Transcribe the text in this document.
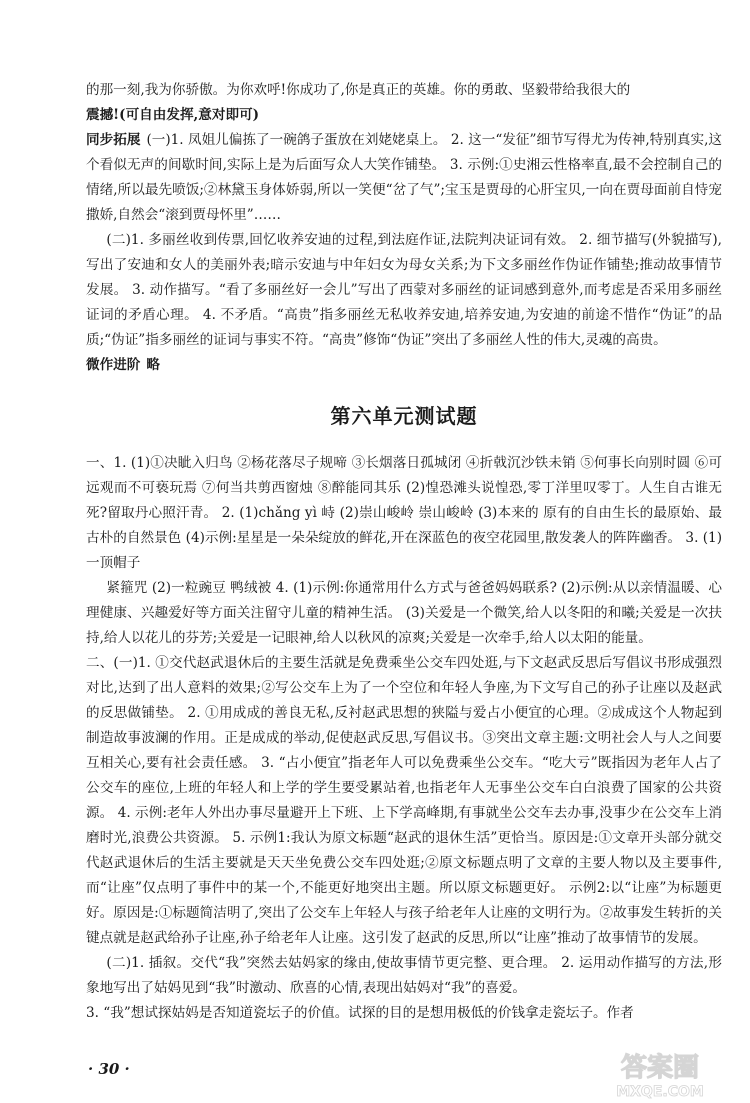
的那一刻,我为你骄傲。为你欢呼!你成功了,你是真正的英雄。你的勇敢、坚毅带给我很大的

震撼!(可自由发挥,意对即可)

同步拓展 (一)1. 凤姐儿偏拣了一碗鸽子蛋放在刘姥姥桌上。 2. 这一“发征”细节写得尤为传神,特别真实,这个看似无声的间歇时间,实际上是为后面写众人大笑作铺垫。 3. 示例:①史湘云性格率直,最不会控制自己的情绪,所以最先喷饭;②林黛玉身体娇弱,所以一笑便“岔了气”;宝玉是贾母的心肝宝贝,一向在贾母面前自恃宠撒娇,自然会“滚到贾母怀里”……

(二)1. 多丽丝收到传票,回忆收养安迪的过程,到法庭作证,法院判决证词有效。 2. 细节描写(外貌描写),写出了安迪和女人的美丽外表;暗示安迪与中年妇女为母女关系;为下文多丽丝作伪证作铺垫;推动故事情节发展。 3. 动作描写。“看了多丽丝好一会儿”写出了西蒙对多丽丝的证词感到意外,而考虑是否采用多丽丝证词的矛盾心理。 4. 不矛盾。“高贵”指多丽丝无私收养安迪,培养安迪,为安迪的前途不惜作“伪证”的品质;“伪证”指多丽丝的证词与事实不符。“高贵”修饰“伪证”突出了多丽丝人性的伟大,灵魂的高贵。

微作进阶 略

第六单元测试题

一、1. (1)①决眦入归鸟 ②杨花落尽子规啼 ③长烟落日孤城闭 ④折戟沉沙铁未销 ⑤何事长向别时圆 ⑥可远观而不可亵玩焉 ⑦何当共剪西窗烛 ⑧醉能同其乐 (2)惶恐滩头说惶恐,零丁洋里叹零丁。人生自古谁无死?留取丹心照汗青。 2. (1)chǎng yì 峙 (2)崇山峻岭 崇山峻岭 (3)本来的 原有的自由生长的最原始、最古朴的自然景色 (4)示例:星星是一朵朵绽放的鲜花,开在深蓝色的夜空花园里,散发袭人的阵阵幽香。 3. (1)一顶帽子

紧箍咒 (2)一粒豌豆 鸭绒被 4. (1)示例:你通常用什么方式与爸爸妈妈联系? (2)示例:从以亲情温暖、心理健康、兴趣爱好等方面关注留守儿童的精神生活。 (3)关爱是一个微笑,给人以冬阳的和曦;关爱是一次扶持,给人以花儿的芬芳;关爱是一记眼神,给人以秋风的凉爽;关爱是一次牵手,给人以太阳的能量。

二、(一)1. ①交代赵武退休后的主要生活就是免费乘坐公交车四处逛,与下文赵武反思后写倡议书形成强烈对比,达到了出人意料的效果;②写公交车上为了一个空位和年轻人争座,为下文写自己的孙子让座以及赵武的反思做铺垫。 2. ①用成成的善良无私,反衬赵武思想的狭隘与爱占小便宜的心理。②成成这个人物起到制造故事波澜的作用。正是成成的举动,促使赵武反思,写倡议书。③突出文章主题:文明社会人与人之间要互相关心,要有社会责任感。 3. “占小便宜”指老年人可以免费乘坐公交车。“吃大亏”既指因为老年人占了公交车的座位,上班的年轻人和上学的学生要受累站着,也指老年人无事坐公交车白白浪费了国家的公共资源。 4. 示例:老年人外出办事尽量避开上下班、上下学高峰期,有事就坐公交车去办事,没事少在公交车上消磨时光,浪费公共资源。 5. 示例1:我认为原文标题“赵武的退休生活”更恰当。原因是:①文章开头部分就交代赵武退休后的生活主要就是天天坐免费公交车四处逛;②原文标题点明了文章的主要人物以及主要事件,而“让座”仅点明了事件中的某一个,不能更好地突出主题。所以原文标题更好。 示例2:以“让座”为标题更好。原因是:①标题简洁明了,突出了公交车上年轻人与孩子给老年人让座的文明行为。②故事发生转折的关键点就是赵武给孙子让座,孙子给老年人让座。这引发了赵武的反思,所以“让座”推动了故事情节的发展。

(二)1. 插叙。交代“我”突然去姑妈家的缘由,使故事情节更完整、更合理。 2. 运用动作描写的方法,形象地写出了姑妈见到“我”时激动、欣喜的心情,表现出姑妈对“我”的喜爱。

3. “我”想试探姑妈是否知道瓷坛子的价值。试探的目的是想用极低的价钱拿走瓷坛子。作者

· 30 ·	答案圈
MXQE.COM
